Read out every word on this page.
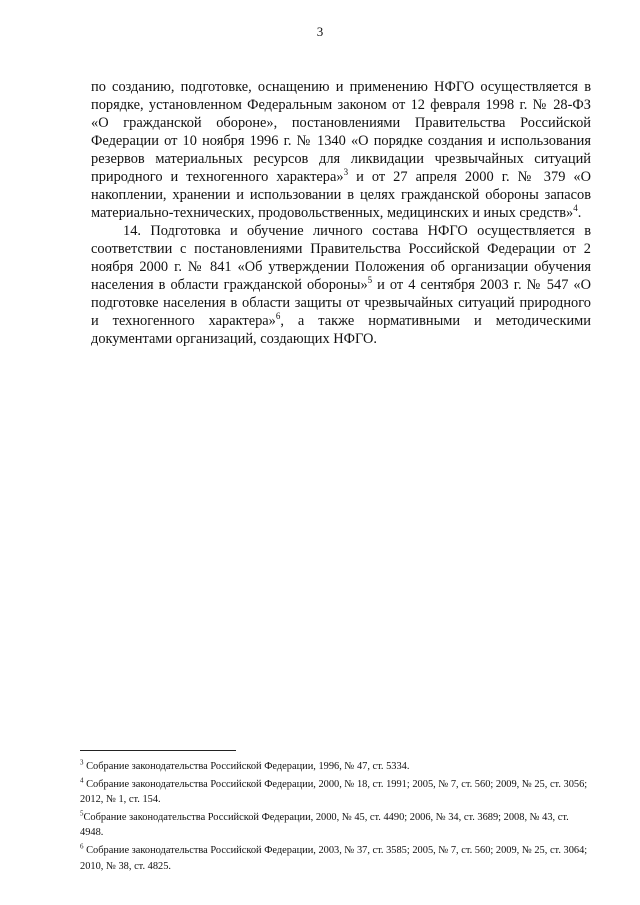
3

по созданию, подготовке, оснащению и применению НФГО осуществляется в порядке, установленном Федеральным законом от 12 февраля 1998 г. № 28-ФЗ «О гражданской обороне», постановлениями Правительства Российской Федерации от 10 ноября 1996 г. № 1340 «О порядке создания и использования резервов материальных ресурсов для ликвидации чрезвычайных ситуаций природного и техногенного характера»$^3$ и от 27 апреля 2000 г. № 379 «О накоплении, хранении и использовании в целях гражданской обороны запасов материально-технических, продовольственных, медицинских и иных средств»$^4$.

14. Подготовка и обучение личного состава НФГО осуществляется в соответствии с постановлениями Правительства Российской Федерации от 2 ноября 2000 г. № 841 «Об утверждении Положения об организации обучения населения в области гражданской обороны»$^5$ и от 4 сентября 2003 г. № 547 «О подготовке населения в области защиты от чрезвычайных ситуаций природного и техногенного характера»$^6$, а также нормативными и методическими документами организаций, создающих НФГО.

$^3$ Собрание законодательства Российской Федерации, 1996, № 47, ст. 5334.

$^4$ Собрание законодательства Российской Федерации, 2000, № 18, ст. 1991; 2005, № 7, ст. 560; 2009, № 25, ст. 3056; 2012, № 1, ст. 154.

$^5$Собрание законодательства Российской Федерации, 2000, № 45, ст. 4490; 2006, № 34, ст. 3689; 2008, № 43, ст. 4948.

$^6$ Собрание законодательства Российской Федерации, 2003, № 37, ст. 3585; 2005, № 7, ст. 560; 2009, № 25, ст. 3064; 2010, № 38, ст. 4825.
